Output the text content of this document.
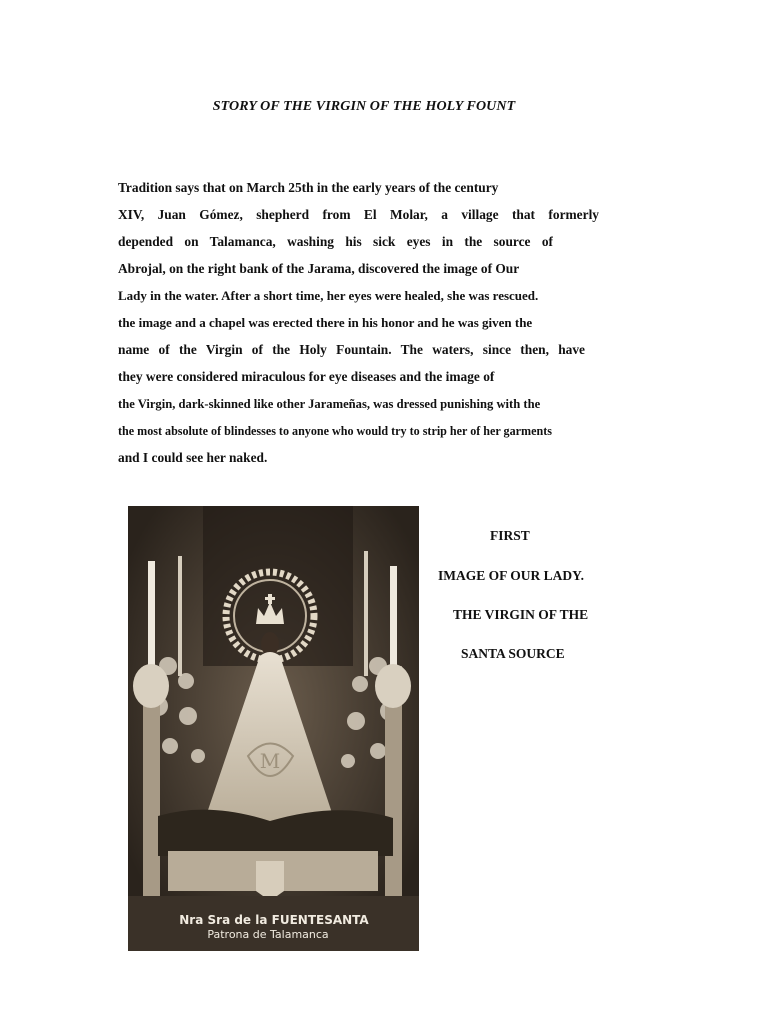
STORY OF THE VIRGIN OF THE HOLY FOUNT
Tradition says that on March 25th in the early years of the century
XIV, Juan Gómez, shepherd from El Molar, a village that formerly
depended on Talamanca, washing his sick eyes in the source of
Abrojal, on the right bank of the Jarama, discovered the image of Our
Lady in the water. After a short time, her eyes were healed, she was rescued.
the image and a chapel was erected there in his honor and he was given the
name of the Virgin of the Holy Fountain. The waters, since then, have
they were considered miraculous for eye diseases and the image of
the Virgin, dark-skinned like other Jarameñas, was dressed punishing with the
the most absolute of blindesses to anyone who would try to strip her of her garments
and I could see her naked.
M
Nra Sra de la FUENTESANTA
Patrona de Talamanca
FIRST
IMAGE OF OUR LADY.
THE VIRGIN OF THE
SANTA SOURCE
